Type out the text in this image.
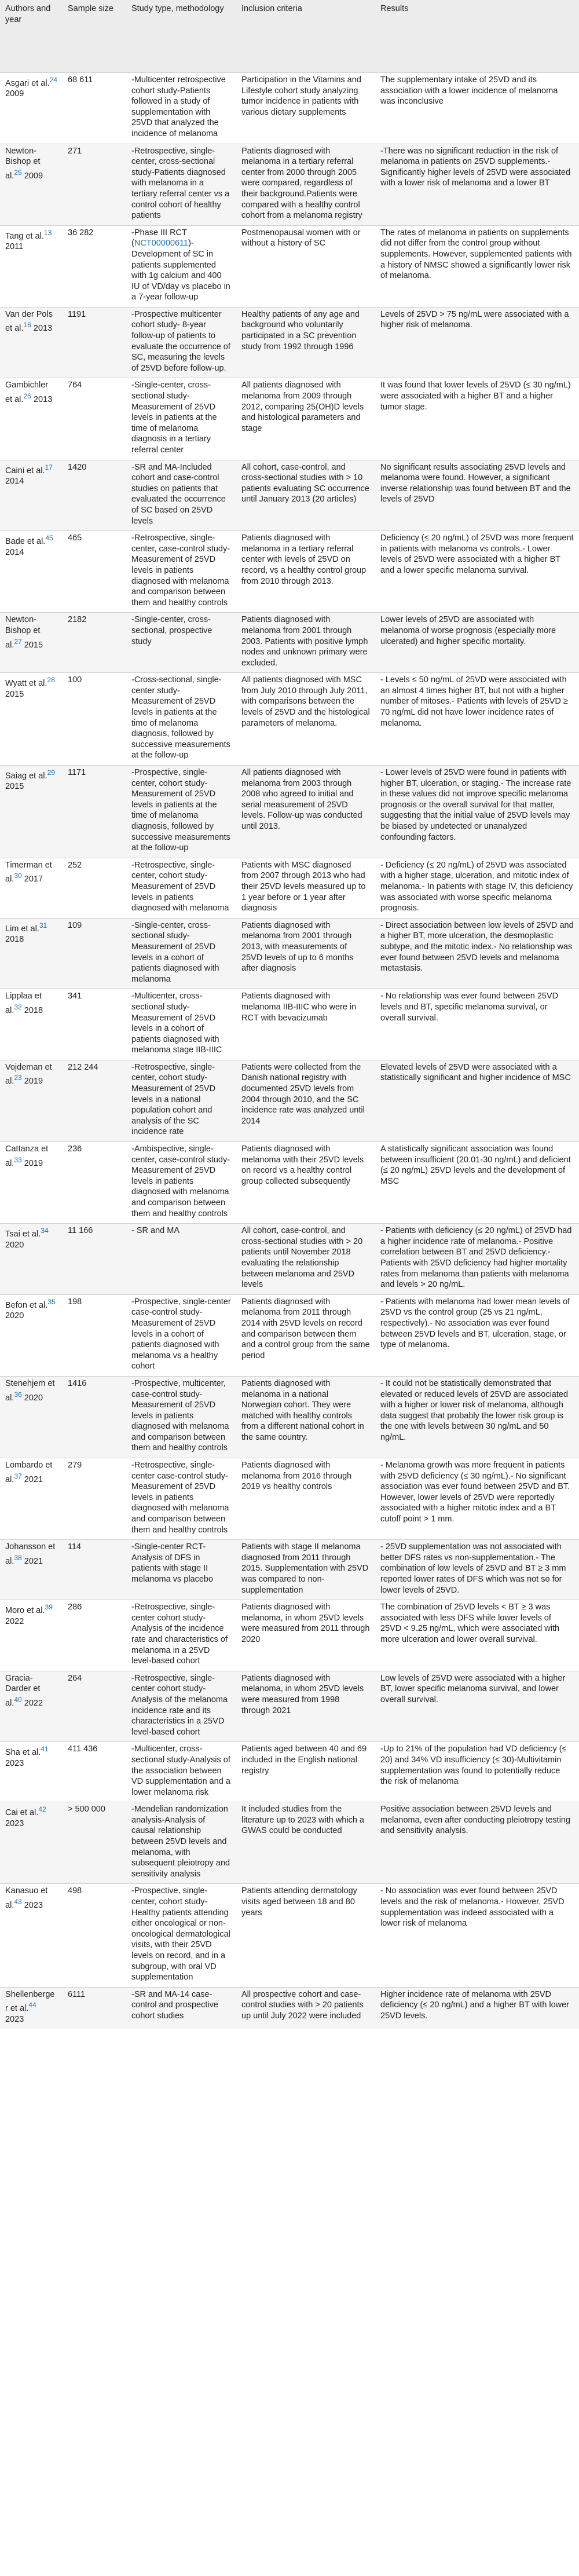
Authors and year	Sample size	Study type, methodology	Inclusion criteria	Results
Asgari et al.$^{24}$ 2009	68 611	-Multicenter retrospective cohort study-Patients followed in a study of supplementation with 25VD that analyzed the incidence of melanoma	Participation in the Vitamins and Lifestyle cohort study analyzing tumor incidence in patients with various dietary supplements	The supplementary intake of 25VD and its association with a lower incidence of melanoma was inconclusive
Newton-Bishop et al.$^{25}$ 2009	271	-Retrospective, single-center, cross-sectional study-Patients diagnosed with melanoma in a tertiary referral center vs a control cohort of healthy patients	Patients diagnosed with melanoma in a tertiary referral center from 2000 through 2005 were compared, regardless of their background.Patients were compared with a healthy control cohort from a melanoma registry	-There was no significant reduction in the risk of melanoma in patients on 25VD supplements.-Significantly higher levels of 25VD were associated with a lower risk of melanoma and a lower BT
Tang et al.$^{13}$ 2011	36 282	-Phase III RCT (NCT00000611)-Development of SC in patients supplemented with 1g calcium and 400 IU of VD/day vs placebo in a 7-year follow-up	Postmenopausal women with or without a history of SC	The rates of melanoma in patients on supplements did not differ from the control group without supplements. However, supplemented patients with a history of NMSC showed a significantly lower risk of melanoma.
Van der Pols et al.$^{16}$ 2013	1191	-Prospective multicenter cohort study- 8-year follow-up of patients to evaluate the occurrence of SC, measuring the levels of 25VD before follow-up.	Healthy patients of any age and background who voluntarily participated in a SC prevention study from 1992 through 1996	Levels of 25VD > 75 ng/mL were associated with a higher risk of melanoma.
Gambichler et al.$^{26}$ 2013	764	-Single-center, cross-sectional study-Measurement of 25VD levels in patients at the time of melanoma diagnosis in a tertiary referral center	All patients diagnosed with melanoma from 2009 through 2012, comparing 25(OH)D levels and histological parameters and stage	It was found that lower levels of 25VD (≤ 30 ng/mL) were associated with a higher BT and a higher tumor stage.
Caini et al.$^{17}$ 2014	1420	-SR and MA-Included cohort and case-control studies on patients that evaluated the occurrence of SC based on 25VD levels	All cohort, case-control, and cross-sectional studies with > 10 patients evaluating SC occurrence until January 2013 (20 articles)	No significant results associating 25VD levels and melanoma were found. However, a significant inverse relationship was found between BT and the levels of 25VD
Bade et al.$^{45}$ 2014	465	-Retrospective, single-center, case-control study-Measurement of 25VD levels in patients diagnosed with melanoma and comparison between them and healthy controls	Patients diagnosed with melanoma in a tertiary referral center with levels of 25VD on record, vs a healthy control group from 2010 through 2013.	Deficiency (≤ 20 ng/mL) of 25VD was more frequent in patients with melanoma vs controls.- Lower levels of 25VD were associated with a higher BT and a lower specific melanoma survival.
Newton-Bishop et al.$^{27}$ 2015	2182	-Single-center, cross-sectional, prospective study	Patients diagnosed with melanoma from 2001 through 2003. Patients with positive lymph nodes and unknown primary were excluded.	Lower levels of 25VD are associated with melanoma of worse prognosis (especially more ulcerated) and higher specific mortality.
Wyatt et al.$^{28}$ 2015	100	-Cross-sectional, single-center study-Measurement of 25VD levels in patients at the time of melanoma diagnosis, followed by successive measurements at the follow-up	All patients diagnosed with MSC from July 2010 through July 2011, with comparisons between the levels of 25VD and the histological parameters of melanoma.	- Levels ≤ 50 ng/mL of 25VD were associated with an almost 4 times higher BT, but not with a higher number of mitoses.- Patients with levels of 25VD ≥ 70 ng/mL did not have lower incidence rates of melanoma.
Saiag et al.$^{29}$ 2015	1171	-Prospective, single-center, cohort study-Measurement of 25VD levels in patients at the time of melanoma diagnosis, followed by successive measurements at the follow-up	All patients diagnosed with melanoma from 2003 through 2008 who agreed to initial and serial measurement of 25VD levels. Follow-up was conducted until 2013.	- Lower levels of 25VD were found in patients with higher BT, ulceration, or staging.- The increase rate in these values did not improve specific melanoma prognosis or the overall survival for that matter, suggesting that the initial value of 25VD levels may be biased by undetected or unanalyzed confounding factors.
Timerman et al.$^{30}$ 2017	252	-Retrospective, single-center, cohort study-Measurement of 25VD levels in patients diagnosed with melanoma	Patients with MSC diagnosed from 2007 through 2013 who had their 25VD levels measured up to 1 year before or 1 year after diagnosis	- Deficiency (≤ 20 ng/mL) of 25VD was associated with a higher stage, ulceration, and mitotic index of melanoma.- In patients with stage IV, this deficiency was associated with worse specific melanoma prognosis.
Lim et al.$^{31}$ 2018	109	-Single-center, cross-sectional study-Measurement of 25VD levels in a cohort of patients diagnosed with melanoma	Patients diagnosed with melanoma from 2001 through 2013, with measurements of 25VD levels of up to 6 months after diagnosis	- Direct association between low levels of 25VD and a higher BT, more ulceration, the desmoplastic subtype, and the mitotic index.- No relationship was ever found between 25VD levels and melanoma metastasis.
Lipplaa et al.$^{32}$ 2018	341	-Multicenter, cross-sectional study-Measurement of 25VD levels in a cohort of patients diagnosed with melanoma stage IIB-IIIC	Patients diagnosed with melanoma IIB-IIIC who were in RCT with bevacizumab	- No relationship was ever found between 25VD levels and BT, specific melanoma survival, or overall survival.
Vojdeman et al.$^{23}$ 2019	212 244	-Retrospective, single-center, cohort study-Measurement of 25VD levels in a national population cohort and analysis of the SC incidence rate	Patients were collected from the Danish national registry with documented 25VD levels from 2004 through 2010, and the SC incidence rate was analyzed until 2014	Elevated levels of 25VD were associated with a statistically significant and higher incidence of MSC
Cattanza et al.$^{33}$ 2019	236	-Ambispective, single-center, case-control study-Measurement of 25VD levels in patients diagnosed with melanoma and comparison between them and healthy controls	Patients diagnosed with melanoma with their 25VD levels on record vs a healthy control group collected subsequently	A statistically significant association was found between insufficient (20.01-30 ng/mL) and deficient (≤ 20 ng/mL) 25VD levels and the development of MSC
Tsai et al.$^{34}$ 2020	11 166	- SR and MA	All cohort, case-control, and cross-sectional studies with > 20 patients until November 2018 evaluating the relationship between melanoma and 25VD levels	- Patients with deficiency (≤ 20 ng/mL) of 25VD had a higher incidence rate of melanoma.- Positive correlation between BT and 25VD deficiency.- Patients with 25VD deficiency had higher mortality rates from melanoma than patients with melanoma and levels > 20 ng/mL.
Befon et al.$^{35}$ 2020	198	-Prospective, single-center case-control study-Measurement of 25VD levels in a cohort of patients diagnosed with melanoma vs a healthy cohort	Patients diagnosed with melanoma from 2011 through 2014 with 25VD levels on record and comparison between them and a control group from the same period	- Patients with melanoma had lower mean levels of 25VD vs the control group (25 vs 21 ng/mL, respectively).- No association was ever found between 25VD levels and BT, ulceration, stage, or type of melanoma.
Stenehjem et al.$^{36}$ 2020	1416	-Prospective, multicenter, case-control study-Measurement of 25VD levels in patients diagnosed with melanoma and comparison between them and healthy controls	Patients diagnosed with melanoma in a national Norwegian cohort. They were matched with healthy controls from a different national cohort in the same country.	- It could not be statistically demonstrated that elevated or reduced levels of 25VD are associated with a higher or lower risk of melanoma, although data suggest that probably the lower risk group is the one with levels between 30 ng/mL and 50 ng/mL.
Lombardo et al.$^{37}$ 2021	279	-Retrospective, single-center case-control study-Measurement of 25VD levels in patients diagnosed with melanoma and comparison between them and healthy controls	Patients diagnosed with melanoma from 2016 through 2019 vs healthy controls	- Melanoma growth was more frequent in patients with 25VD deficiency (≤ 30 ng/mL).- No significant association was ever found between 25VD and BT. However, lower levels of 25VD were reportedly associated with a higher mitotic index and a BT cutoff point > 1 mm.
Johansson et al.$^{38}$ 2021	114	-Single-center RCT-Analysis of DFS in patients with stage II melanoma vs placebo	Patients with stage II melanoma diagnosed from 2011 through 2015. Supplementation with 25VD was compared to non-supplementation	- 25VD supplementation was not associated with better DFS rates vs non-supplementation.- The combination of low levels of 25VD and BT ≥ 3 mm reported lower rates of DFS which was not so for lower levels of 25VD.
Moro et al.$^{39}$ 2022	286	-Retrospective, single-center cohort study-Analysis of the incidence rate and characteristics of melanoma in a 25VD level-based cohort	Patients diagnosed with melanoma, in whom 25VD levels were measured from 2011 through 2020	The combination of 25VD levels < BT ≥ 3 was associated with less DFS while lower levels of 25VD < 9.25 ng/mL, which were associated with more ulceration and lower overall survival.
Gracia-Darder et al.$^{40}$ 2022	264	-Retrospective, single-center cohort study-Analysis of the melanoma incidence rate and its characteristics in a 25VD level-based cohort	Patients diagnosed with melanoma, in whom 25VD levels were measured from 1998 through 2021	Low levels of 25VD were associated with a higher BT, lower specific melanoma survival, and lower overall survival.
Sha et al.$^{41}$ 2023	411 436	-Multicenter, cross-sectional study-Analysis of the association between VD supplementation and a lower melanoma risk	Patients aged between 40 and 69 included in the English national registry	-Up to 21% of the population had VD deficiency (≤ 20) and 34% VD insufficiency (≤ 30)-Multivitamin supplementation was found to potentially reduce the risk of melanoma
Cai et al.$^{42}$ 2023	> 500 000	-Mendelian randomization analysis-Analysis of causal relationship between 25VD levels and melanoma, with subsequent pleiotropy and sensitivity analysis	It included studies from the literature up to 2023 with which a GWAS could be conducted	Positive association between 25VD levels and melanoma, even after conducting pleiotropy testing and sensitivity analysis.
Kanasuo et al.$^{43}$ 2023	498	-Prospective, single-center, cohort study-Healthy patients attending either oncological or non-oncological dermatological visits, with their 25VD levels on record, and in a subgroup, with oral VD supplementation	Patients attending dermatology visits aged between 18 and 80 years	- No association was ever found between 25VD levels and the risk of melanoma.- However, 25VD supplementation was indeed associated with a lower risk of melanoma
Shellenberger et al.$^{44}$ 2023	6111	-SR and MA-14 case-control and prospective cohort studies	All prospective cohort and case-control studies with > 20 patients up until July 2022 were included	Higher incidence rate of melanoma with 25VD deficiency (≤ 20 ng/mL) and a higher BT with lower 25VD levels.
